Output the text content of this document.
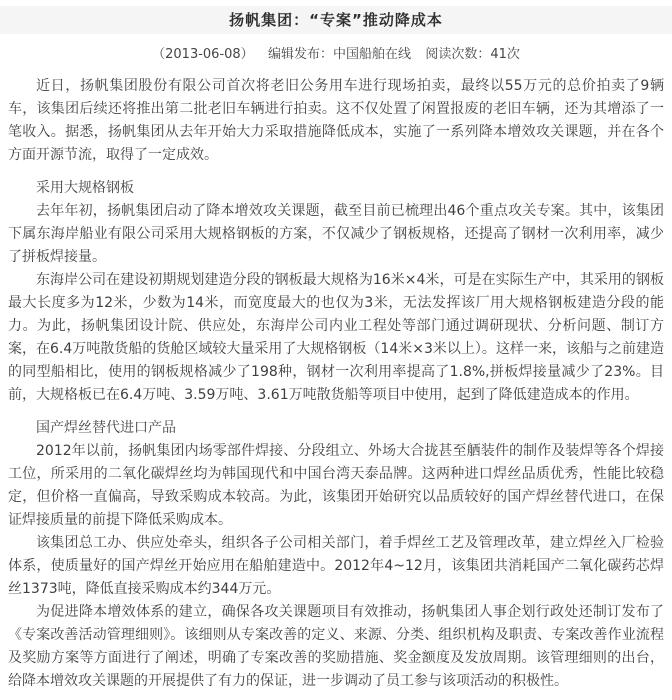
扬帆集团：“专案”推动降成本
（2013-06-08） 编辑发布：中国船舶在线 阅读次数：41次

近日，扬帆集团股份有限公司首次将老旧公务用车进行现场拍卖，最终以55万元的总价拍卖了9辆车，该集团后续还将推出第二批老旧车辆进行拍卖。这不仅处置了闲置报废的老旧车辆，还为其增添了一笔收入。据悉，扬帆集团从去年开始大力采取措施降低成本，实施了一系列降本增效攻关课题，并在各个方面开源节流，取得了一定成效。

采用大规格钢板

去年年初，扬帆集团启动了降本增效攻关课题，截至目前已梳理出46个重点攻关专案。其中，该集团下属东海岸船业有限公司采用大规格钢板的方案，不仅减少了钢板规格，还提高了钢材一次利用率，减少了拼板焊接量。

东海岸公司在建设初期规划建造分段的钢板最大规格为16米×4米，可是在实际生产中，其采用的钢板最大长度多为12米，少数为14米，而宽度最大的也仅为3米，无法发挥该厂用大规格钢板建造分段的能力。为此，扬帆集团设计院、供应处，东海岸公司内业工程处等部门通过调研现状、分析问题、制订方案，在6.4万吨散货船的货舱区域较大量采用了大规格钢板（14米×3米以上）。这样一来，该船与之前建造的同型船相比，使用的钢板规格减少了198种，钢材一次利用率提高了1.8%,拼板焊接量减少了23%。目前，大规格板已在6.4万吨、3.59万吨、3.61万吨散货船等项目中使用，起到了降低建造成本的作用。

国产焊丝替代进口产品

2012年以前，扬帆集团内场零部件焊接、分段组立、外场大合拢甚至舾装件的制作及装焊等各个焊接工位，所采用的二氧化碳焊丝均为韩国现代和中国台湾天泰品牌。这两种进口焊丝品质优秀，性能比较稳定，但价格一直偏高，导致采购成本较高。为此，该集团开始研究以品质较好的国产焊丝替代进口，在保证焊接质量的前提下降低采购成本。

该集团总工办、供应处牵头，组织各子公司相关部门，着手焊丝工艺及管理改革，建立焊丝入厂检验体系，使质量好的国产焊丝开始应用在船舶建造中。2012年4~12月，该集团共消耗国产二氧化碳药芯焊丝1373吨，降低直接采购成本约344万元。

为促进降本增效体系的建立，确保各攻关课题项目有效推动，扬帆集团人事企划行政处还制订发布了《专案改善活动管理细则》。该细则从专案改善的定义、来源、分类、组织机构及职责、专案改善作业流程及奖励方案等方面进行了阐述，明确了专案改善的奖励措施、奖金额度及发放周期。该管理细则的出台，给降本增效攻关课题的开展提供了有力的保证，进一步调动了员工参与该项活动的积极性。
